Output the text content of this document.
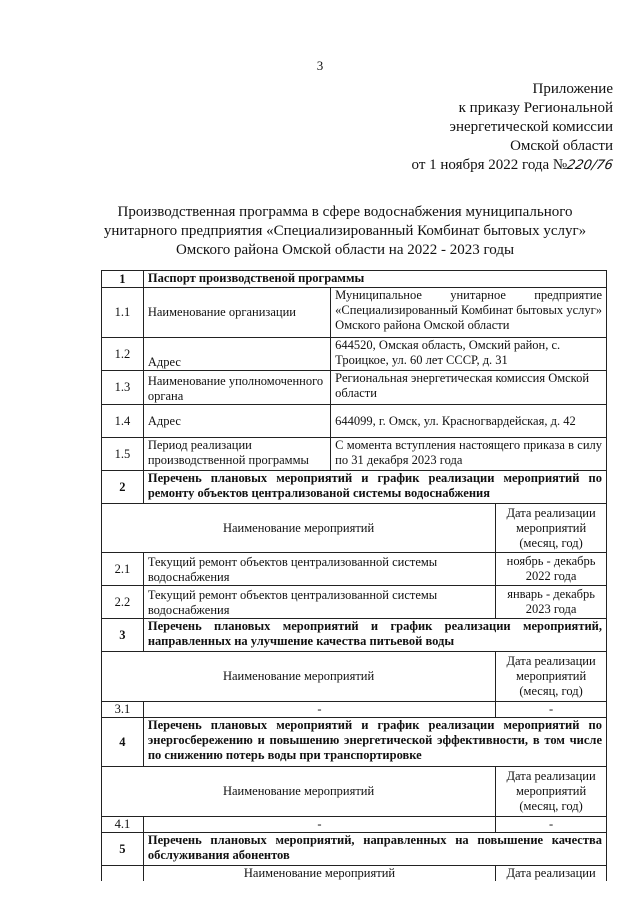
3
Приложение
к приказу Региональной
энергетической комиссии
Омской области
от 1 ноября 2022 года №220/76
Производственная программа в сфере водоснабжения муниципального унитарного предприятия «Специализированный Комбинат бытовых услуг» Омского района Омской области на 2022 - 2023 годы
1	Паспорт производственой программы		
1.1	Наименование организации	Муниципальное унитарное предприятие «Специализированный Комбинат бытовых услуг» Омского района Омской области	
1.2	Адрес	644520, Омская область, Омский район, с. Троицкое, ул. 60 лет СССР, д. 31	
1.3	Наименование уполномоченного органа	Региональная энергетическая комиссия Омской области	
1.4	Адрес	644099, г. Омск, ул. Красногвардейская, д. 42	
1.5	Период реализации производственной программы	С момента вступления настоящего приказа в силу по 31 декабря 2023 года	
2	Перечень плановых мероприятий и график реализации мероприятий по ремонту объектов централизованой системы водоснабжения		
Наименование мероприятий			Дата реализации мероприятий (месяц, год)
2.1	Текущий ремонт объектов централизованной системы водоснабжения		ноябрь - декабрь 2022 года
2.2	Текущий ремонт объектов централизованной системы водоснабжения		январь - декабрь 2023 года
3	Перечень плановых мероприятий и график реализации мероприятий, направленных на улучшение качества питьевой воды		
Наименование мероприятий			Дата реализации мероприятий (месяц, год)
3.1	-		-
4	Перечень плановых мероприятий и график реализации мероприятий по энергосбережению и повышению энергетической эффективности, в том числе по снижению потерь воды при транспортировке		
Наименование мероприятий			Дата реализации мероприятий (месяц, год)
4.1	-		-
5	Перечень плановых мероприятий, направленных на повышение качества обслуживания абонентов		
	Наименование мероприятий		Дата реализации
